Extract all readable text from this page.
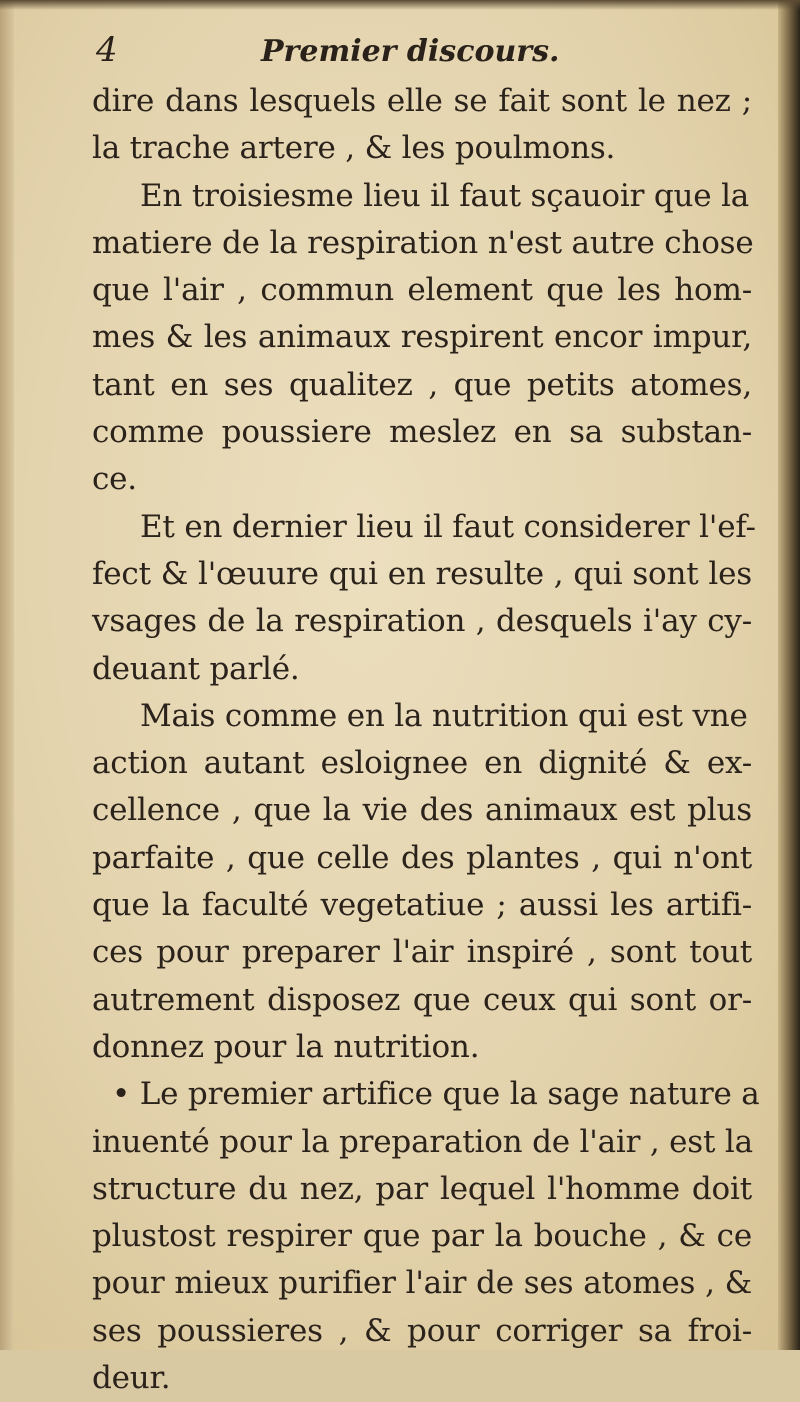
4	Premier discours.
dire dans lesquels elle se fait sont le nez ;
la trache artere , & les poulmons.
En troisiesme lieu il faut sçauoir que la
matiere de la respiration n'est autre chose
que l'air , commun element que les hom-
mes & les animaux respirent encor impur,
tant en ses qualitez , que petits atomes,
comme poussiere meslez en sa substan-
ce.
Et en dernier lieu il faut considerer l'ef-
fect & l'œuure qui en resulte , qui sont les
vsages de la respiration , desquels i'ay cy-
deuant parlé.
Mais comme en la nutrition qui est vne
action autant esloignee en dignité & ex-
cellence , que la vie des animaux est plus
parfaite , que celle des plantes , qui n'ont
que la faculté vegetatiue ; aussi les artifi-
ces pour preparer l'air inspiré , sont tout
autrement disposez que ceux qui sont or-
donnez pour la nutrition.
• Le premier artifice que la sage nature a
inuenté pour la preparation de l'air , est la
structure du nez, par lequel l'homme doit
plustost respirer que par la bouche , & ce
pour mieux purifier l'air de ses atomes , &
ses poussieres , & pour corriger sa froi-
deur.
